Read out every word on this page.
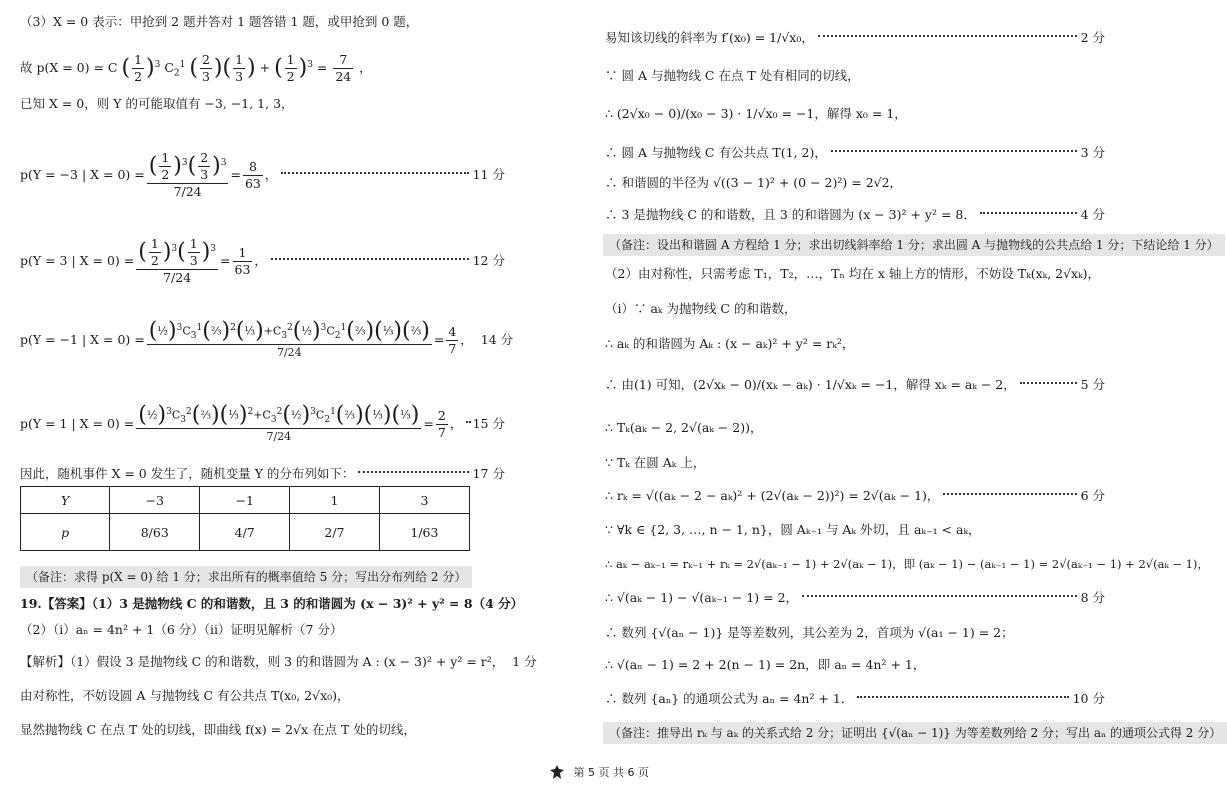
（3）X = 0 表示：甲抢到 2 题并答对 1 题答错 1 题，或甲抢到 0 题，
故 p(X = 0) = C ( $\frac{1}{2} )^3$ $C_2^1$ ( $\frac{2}{3}$ )( $\frac{1}{3}$ ) + ( $\frac{1}{2} )^3 = \frac{7}{24}$ ，
已知 X = 0，则 Y 的可能取值有 −3, −1, 1, 3，
p(Y = −3 | $X = 0) = \frac{( \frac{1}{2} )^3( \frac{2}{3} )^3}{7/24} = \frac{8}{63}$ ，	11 分
p(Y = 3 | $X = 0) = \frac{( \frac{1}{2} )^3( \frac{1}{3} )^3}{7/24} = \frac{1}{63}$ ，	12 分
p(Y = −1 | $X = 0) = \frac{(\frac{1}{2})^3C_3^1(\frac{2}{3})^2(\frac{1}{3})+C_3^2(\frac{1}{2})^3C_2^1(\frac{2}{3})(\frac{1}{3})(\frac{2}{3})}{7/24} = \frac{4}{7}$ ， 14 分
p(Y = 1 | $X = 0) = \frac{(\frac{1}{2})^3C_3^2(\frac{2}{3})(\frac{1}{3})^2+C_3^2(\frac{1}{2})^3C_2^1(\frac{2}{3})(\frac{1}{3})(\frac{1}{3})}{7/24} = \frac{2}{7}$ ， 15 分
因此，随机事件 X = 0 发生了，随机变量 Y 的分布列如下：	17 分
Y	−3	−1	1	3
p	8/63	4/7	2/7	1/63
（备注：求得 p(X = 0) 给 1 分；求出所有的概率值给 5 分；写出分布列给 2 分）
19.【答案】（1）3 是抛物线 C 的和谐数，且 3 的和谐圆为 (x − 3)² + y² = 8（4 分）
（2）（i）aₙ = 4n² + 1（6 分）（ii）证明见解析（7 分）
【解析】（1）假设 3 是抛物线 C 的和谐数，则 3 的和谐圆为 A : (x − 3)² + y² = r²， 1 分
由对称性，不妨设圆 A 与抛物线 C 有公共点 T(x₀, 2√x₀)，
显然抛物线 C 在点 T 处的切线，即曲线 f(x) = 2√x 在点 T 处的切线，
易知该切线的斜率为 f′(x₀) = 1/√x₀，	2 分
∵ 圆 A 与抛物线 C 在点 T 处有相同的切线，
∴ (2√x₀ − 0)/(x₀ − 3) · 1/√x₀ = −1，解得 x₀ = 1，
∴ 圆 A 与抛物线 C 有公共点 T(1, 2)，	3 分
∴ 和谐圆的半径为 √((3 − 1)² + (0 − 2)²) = 2√2，
∴ 3 是抛物线 C 的和谐数，且 3 的和谐圆为 (x − 3)² + y² = 8．	4 分
（备注：设出和谐圆 A 方程给 1 分；求出切线斜率给 1 分；求出圆 A 与抛物线的公共点给 1 分；下结论给 1 分）
（2）由对称性，只需考虑 T₁，T₂，…，Tₙ 均在 x 轴上方的情形，不妨设 Tₖ(xₖ, 2√xₖ)，
（i）∵ aₖ 为抛物线 C 的和谐数，
∴ aₖ 的和谐圆为 Aₖ : (x − aₖ)² + y² = rₖ²，
∴ 由(1) 可知，(2√xₖ − 0)/(xₖ − aₖ) · 1/√xₖ = −1，解得 xₖ = aₖ − 2，	5 分
∴ Tₖ(aₖ − 2, 2√(aₖ − 2))，
∵ Tₖ 在圆 Aₖ 上，
∴ rₖ = √((aₖ − 2 − aₖ)² + (2√(aₖ − 2))²) = 2√(aₖ − 1)，	6 分
∵ ∀k ∈ {2, 3, …, n − 1, n}，圆 Aₖ₋₁ 与 Aₖ 外切，且 aₖ₋₁ < aₖ，
∴ aₖ − aₖ₋₁ = rₖ₋₁ + rₖ = 2√(aₖ₋₁ − 1) + 2√(aₖ − 1)，即 (aₖ − 1) − (aₖ₋₁ − 1) = 2√(aₖ₋₁ − 1) + 2√(aₖ − 1)，
∴ √(aₖ − 1) − √(aₖ₋₁ − 1) = 2，	8 分
∴ 数列 {√(aₙ − 1)} 是等差数列，其公差为 2，首项为 √(a₁ − 1) = 2；
∴ √(aₙ − 1) = 2 + 2(n − 1) = 2n，即 aₙ = 4n² + 1，
∴ 数列 {aₙ} 的通项公式为 aₙ = 4n² + 1．	10 分
（备注：推导出 rₖ 与 aₖ 的关系式给 2 分；证明出 {√(aₙ − 1)} 为等差数列给 2 分；写出 aₙ 的通项公式得 2 分）
第 5 页 共 6 页
